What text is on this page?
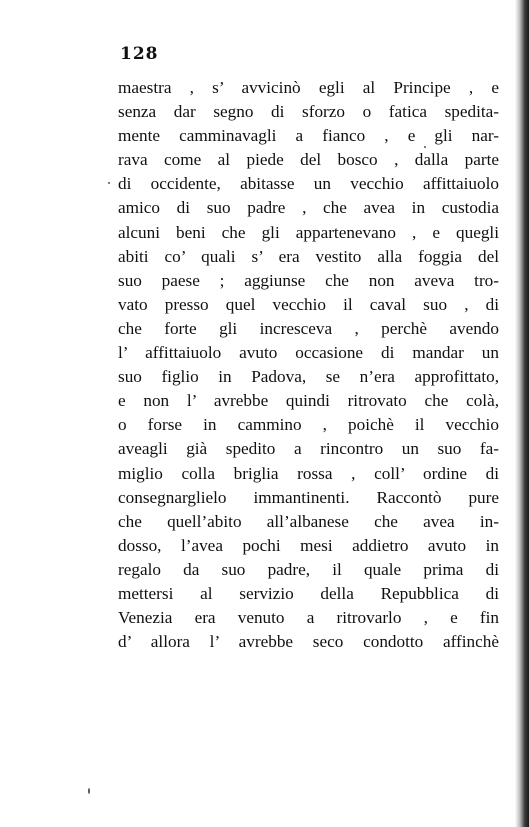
128
maestra , s’ avvicinò egli al Principe , e
senza dar segno di sforzo o fatica spedita-
mente camminavagli a fianco , e gli nar-
rava come al piede del bosco , dalla parte
di occidente, abitasse un vecchio affittaiuolo
amico di suo padre , che avea in custodia
alcuni beni che gli appartenevano , e quegli
abiti co’ quali s’ era vestito alla foggia del
suo paese ; aggiunse che non aveva tro-
vato presso quel vecchio il caval suo , di
che forte gli incresceva , perchè avendo
l’ affittaiuolo avuto occasione di mandar un
suo figlio in Padova, se n’era approfittato,
e non l’ avrebbe quindi ritrovato che colà,
o forse in cammino , poichè il vecchio
aveagli già spedito a rincontro un suo fa-
miglio colla briglia rossa , coll’ ordine di
consegnarglielo immantinenti. Raccontò pure
che quell’abito all’albanese che avea in-
dosso, l’avea pochi mesi addietro avuto in
regalo da suo padre, il quale prima di
mettersi al servizio della Repubblica di
Venezia era venuto a ritrovarlo , e fin
d’ allora l’ avrebbe seco condotto affinchè
